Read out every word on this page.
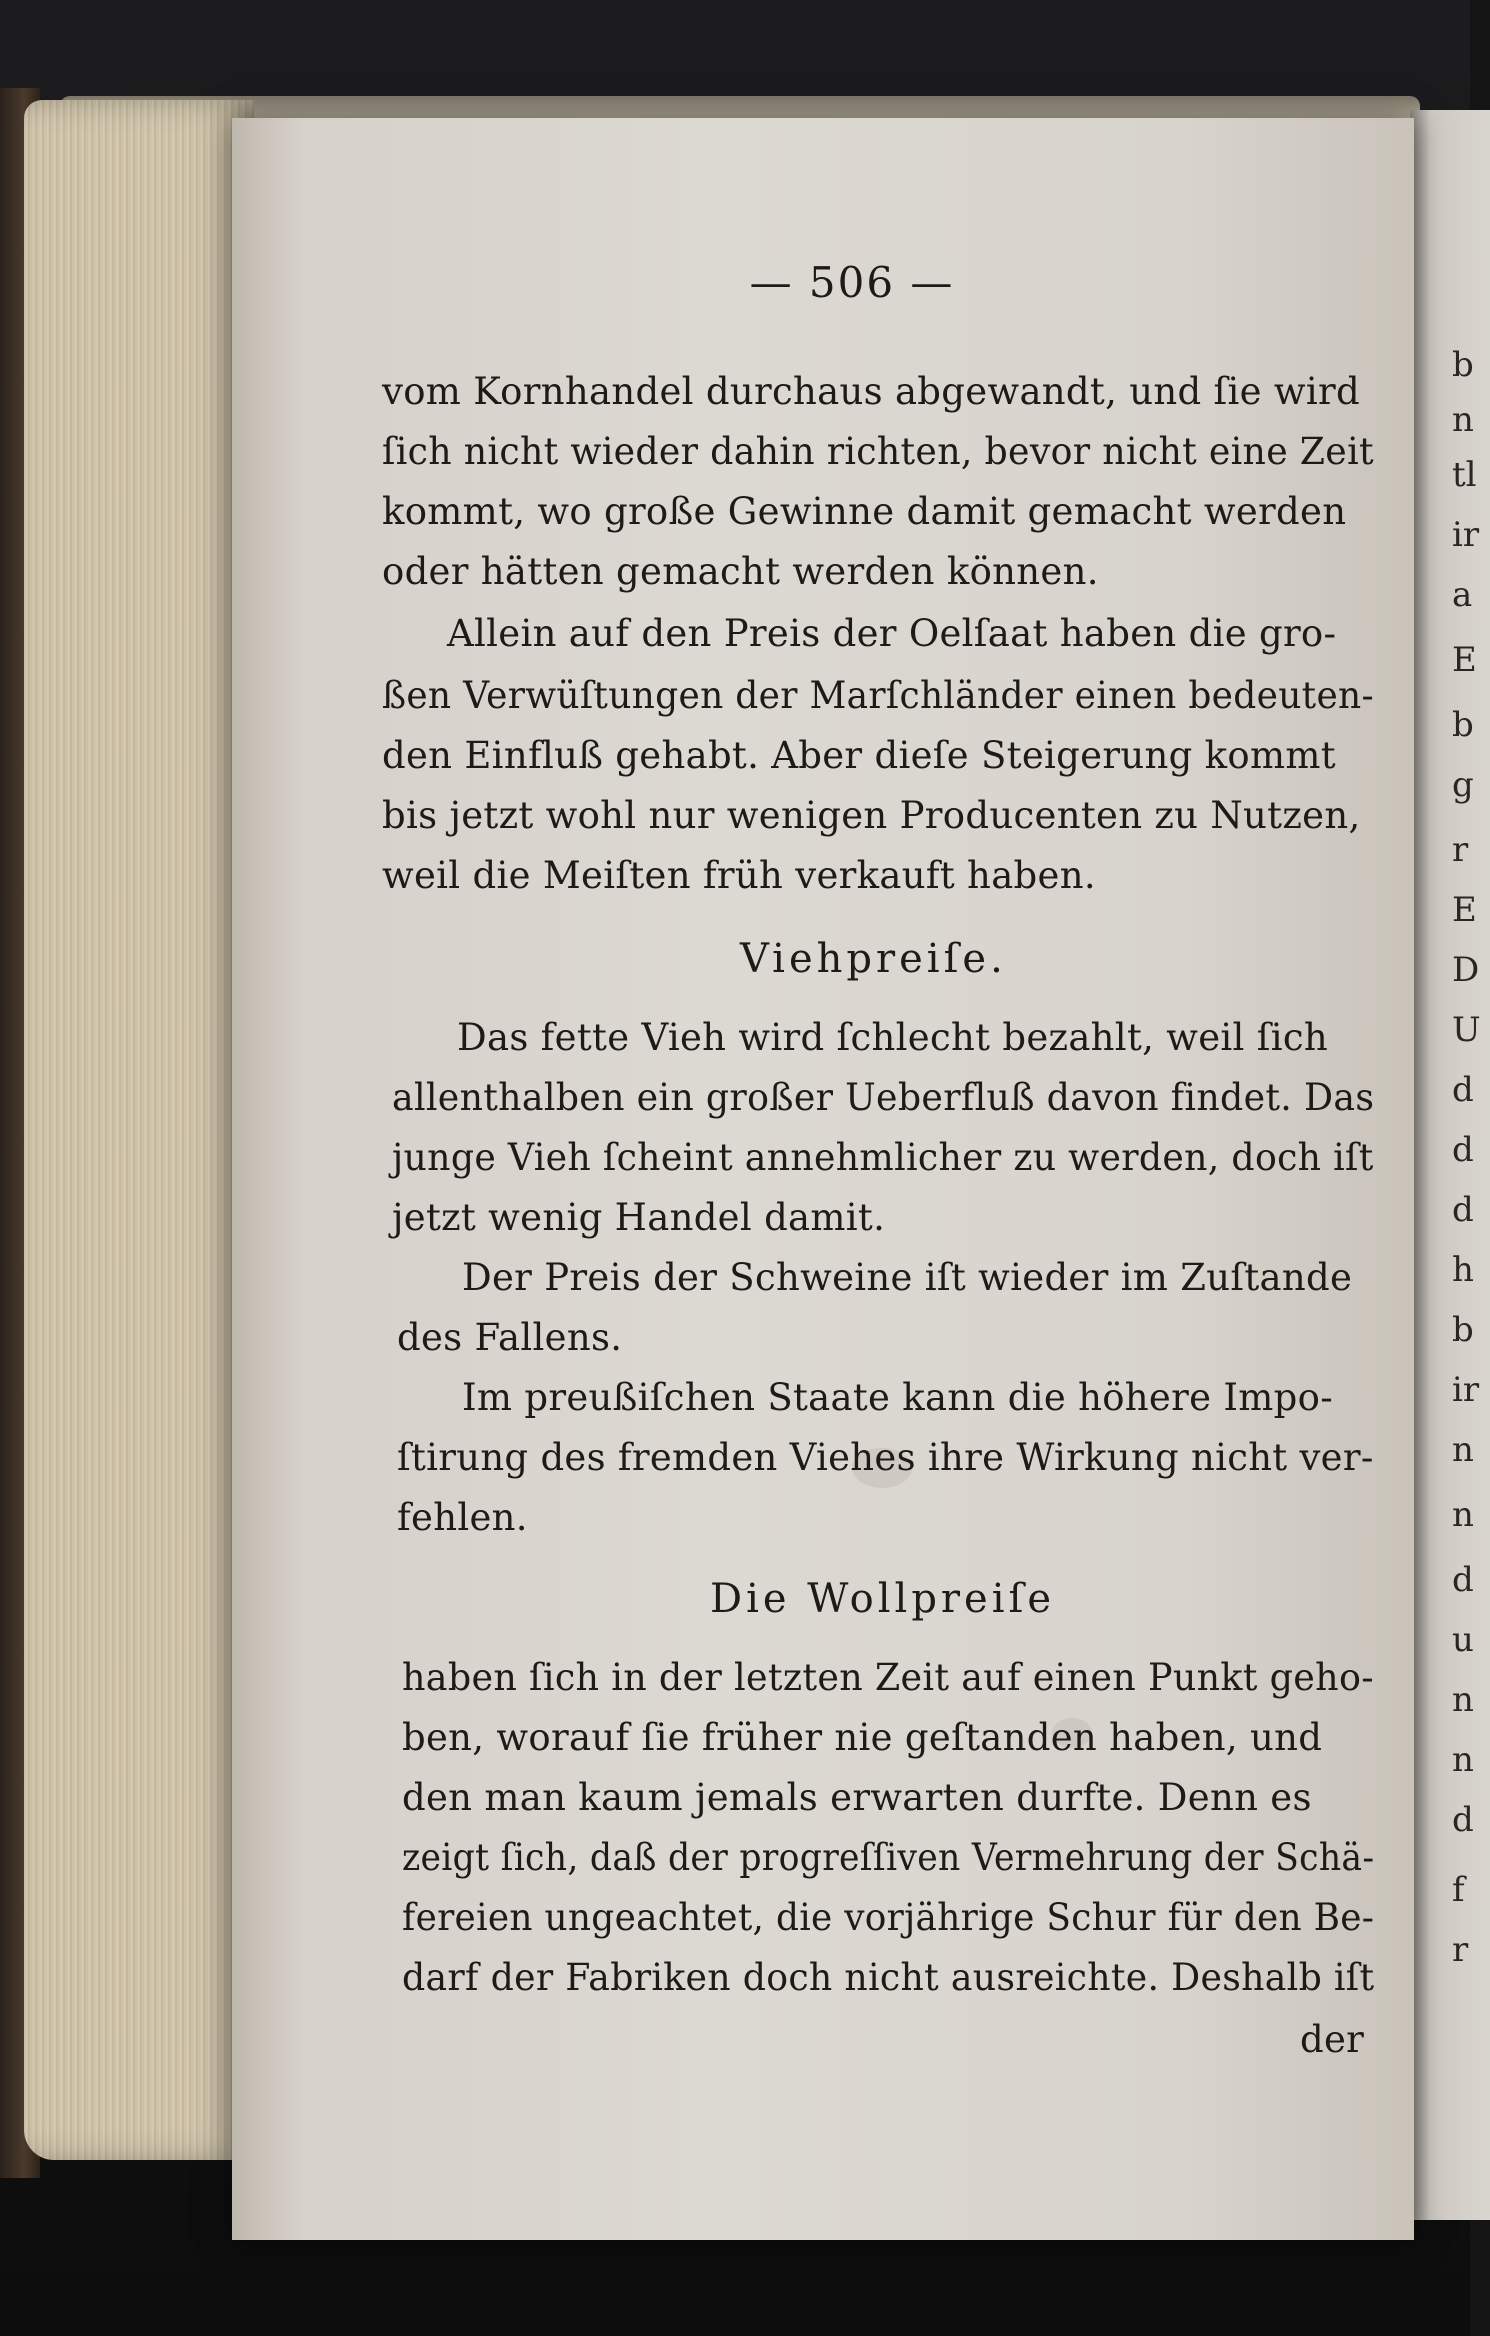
b
n
tl
ir
a
E
b
g
r
E
D
U
d
d
d
h
b
ir
n
n
d
u
n
n
d
f
r
— 506 —
vom Kornhandel durchaus abgewandt, und ſie wird
ſich nicht wieder dahin richten, bevor nicht eine Zeit
kommt, wo große Gewinne damit gemacht werden
oder hätten gemacht werden können.
Allein auf den Preis der Oelſaat haben die gro-
ßen Verwüſtungen der Marſchländer einen bedeuten-
den Einfluß gehabt. Aber dieſe Steigerung kommt
bis jetzt wohl nur wenigen Producenten zu Nutzen,
weil die Meiſten früh verkauft haben.
Viehpreiſe.
Das fette Vieh wird ſchlecht bezahlt, weil ſich
allenthalben ein großer Ueberfluß davon findet. Das
junge Vieh ſcheint annehmlicher zu werden, doch iſt
jetzt wenig Handel damit.
Der Preis der Schweine iſt wieder im Zuſtande
des Fallens.
Im preußiſchen Staate kann die höhere Impo-
ſtirung des fremden Viehes ihre Wirkung nicht ver-
fehlen.
Die Wollpreiſe
haben ſich in der letzten Zeit auf einen Punkt geho-
ben, worauf ſie früher nie geſtanden haben, und
den man kaum jemals erwarten durfte. Denn es
zeigt ſich, daß der progreſſiven Vermehrung der Schä-
fereien ungeachtet, die vorjährige Schur für den Be-
darf der Fabriken doch nicht ausreichte. Deshalb iſt
der
